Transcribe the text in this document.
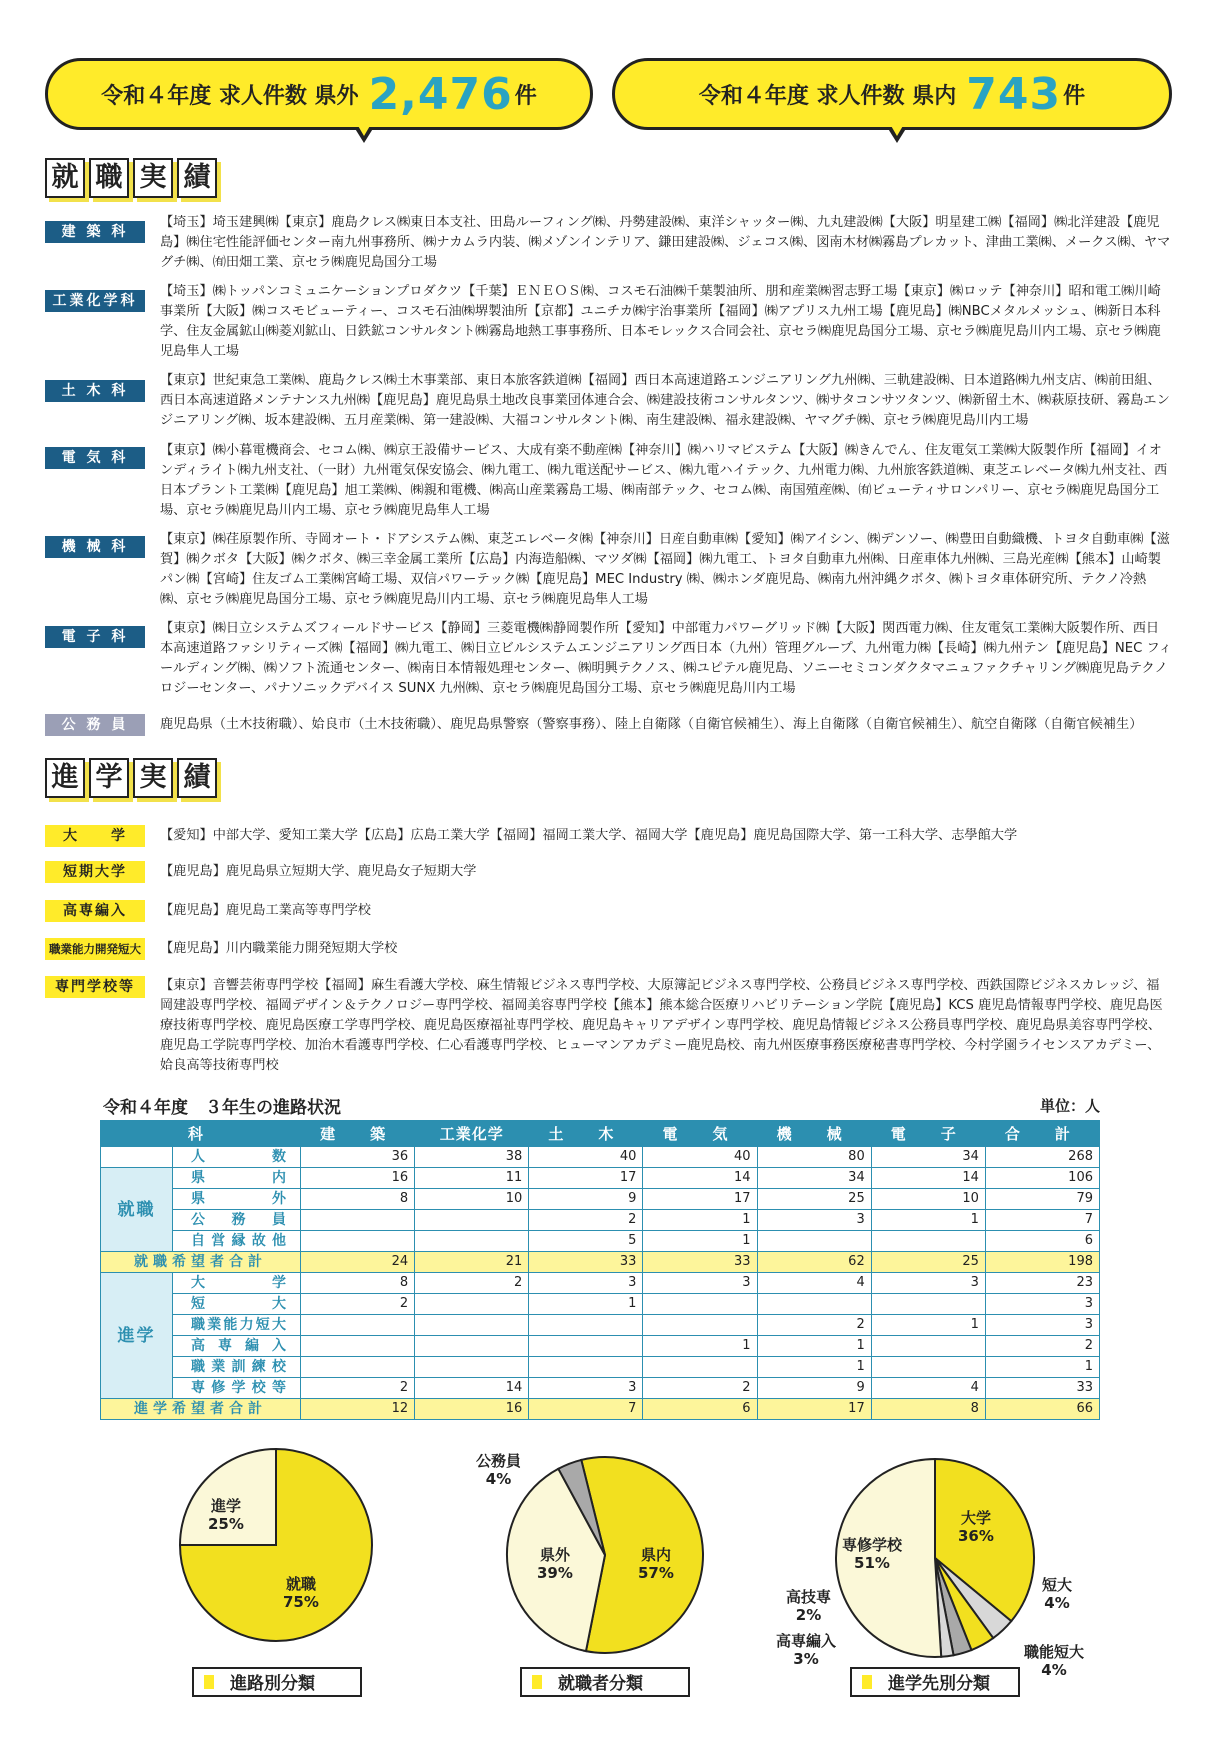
令和４年度 求人件数 県外 2,476 件	令和４年度 求人件数 県内 743 件
就 職 実 績
建 築 科
【埼玉】埼玉建興㈱【東京】鹿島クレス㈱東日本支社、田島ルーフィング㈱、丹勢建設㈱、東洋シャッター㈱、九丸建設㈱【大阪】明星建工㈱【福岡】㈱北洋建設【鹿児島】㈱住宅性能評価センター南九州事務所、㈱ナカムラ内装、㈱メゾンインテリア、鎌田建設㈱、ジェコス㈱、図南木材㈱霧島プレカット、津曲工業㈱、メークス㈱、ヤマグチ㈱、㈲田畑工業、京セラ㈱鹿児島国分工場
工業化学科
【埼玉】㈱トッパンコミュニケーションプロダクツ【千葉】ＥＮＥＯＳ㈱、コスモ石油㈱千葉製油所、朋和産業㈱習志野工場【東京】㈱ロッテ【神奈川】昭和電工㈱川崎事業所【大阪】㈱コスモビューティー、コスモ石油㈱堺製油所【京都】ユニチカ㈱宇治事業所【福岡】㈱アプリス九州工場【鹿児島】㈱NBCメタルメッシュ、㈱新日本科学、住友金属鉱山㈱菱刈鉱山、日鉄鉱コンサルタント㈱霧島地熱工事事務所、日本モレックス合同会社、京セラ㈱鹿児島国分工場、京セラ㈱鹿児島川内工場、京セラ㈱鹿児島隼人工場
土 木 科
【東京】世紀東急工業㈱、鹿島クレス㈱土木事業部、東日本旅客鉄道㈱【福岡】西日本高速道路エンジニアリング九州㈱、三軌建設㈱、日本道路㈱九州支店、㈱前田組、西日本高速道路メンテナンス九州㈱【鹿児島】鹿児島県土地改良事業団体連合会、㈱建設技術コンサルタンツ、㈱サタコンサツタンツ、㈱新留土木、㈱萩原技研、霧島エンジニアリング㈱、坂本建設㈱、五月産業㈱、第一建設㈱、大福コンサルタント㈱、南生建設㈱、福永建設㈱、ヤマグチ㈱、京セラ㈱鹿児島川内工場
電 気 科	【東京】㈱小暮電機商会、セコム㈱、㈱京王設備サービス、大成有楽不動産㈱【神奈川】㈱ハリマビステム【大阪】㈱きんでん、住友電気工業㈱大阪製作所【福岡】イオンディライト㈱九州支社、（一財）九州電気保安協会、㈱九電工、㈱九電送配サービス、㈱九電ハイテック、九州電力㈱、九州旅客鉄道㈱、東芝エレベータ㈱九州支社、西日本プラント工業㈱【鹿児島】旭工業㈱、㈱親和電機、㈱高山産業霧島工場、㈱南部テック、セコム㈱、南国殖産㈱、㈲ビューティサロンパリー、京セラ㈱鹿児島国分工場、京セラ㈱鹿児島川内工場、京セラ㈱鹿児島隼人工場
機 械 科	【東京】㈱荏原製作所、寺岡オート・ドアシステム㈱、東芝エレベータ㈱【神奈川】日産自動車㈱【愛知】㈱アイシン、㈱デンソー、㈱豊田自動織機、トヨタ自動車㈱【滋賀】㈱クボタ【大阪】㈱クボタ、㈱三幸金属工業所【広島】内海造船㈱、マツダ㈱【福岡】㈱九電工、トヨタ自動車九州㈱、日産車体九州㈱、三島光産㈱【熊本】山崎製パン㈱【宮崎】住友ゴム工業㈱宮崎工場、双信パワーテック㈱【鹿児島】MEC Industry ㈱、㈱ホンダ鹿児島、㈱南九州沖縄クボタ、㈱トヨタ車体研究所、テクノ冷熱㈱、京セラ㈱鹿児島国分工場、京セラ㈱鹿児島川内工場、京セラ㈱鹿児島隼人工場
電 子 科
【東京】㈱日立システムズフィールドサービス【静岡】三菱電機㈱静岡製作所【愛知】中部電力パワーグリッド㈱【大阪】関西電力㈱、住友電気工業㈱大阪製作所、西日本高速道路ファシリティーズ㈱【福岡】㈱九電工、㈱日立ビルシステムエンジニアリング西日本（九州）管理グループ、九州電力㈱【長崎】㈱九州テン【鹿児島】NEC フィールディング㈱、㈱ソフト流通センター、㈱南日本情報処理センター、㈱明興テクノス、㈱ユピテル鹿児島、ソニーセミコンダクタマニュファクチャリング㈱鹿児島テクノロジーセンター、パナソニックデバイス SUNX 九州㈱、京セラ㈱鹿児島国分工場、京セラ㈱鹿児島川内工場
公 務 員	鹿児島県（土木技術職）、姶良市（土木技術職）、鹿児島県警察（警察事務）、陸上自衛隊（自衛官候補生）、海上自衛隊（自衛官候補生）、航空自衛隊（自衛官候補生）
進 学 実 績
大　　学	【愛知】中部大学、愛知工業大学【広島】広島工業大学【福岡】福岡工業大学、福岡大学【鹿児島】鹿児島国際大学、第一工科大学、志學館大学
短期大学	【鹿児島】鹿児島県立短期大学、鹿児島女子短期大学
高専編入	【鹿児島】鹿児島工業高等専門学校
職業能力開発短大	【鹿児島】川内職業能力開発短期大学校
専門学校等	【東京】音響芸術専門学校【福岡】麻生看護大学校、麻生情報ビジネス専門学校、大原簿記ビジネス専門学校、公務員ビジネス専門学校、西鉄国際ビジネスカレッジ、福岡建設専門学校、福岡デザイン＆テクノロジー専門学校、福岡美容専門学校【熊本】熊本総合医療リハビリテーション学院【鹿児島】KCS 鹿児島情報専門学校、鹿児島医療技術専門学校、鹿児島医療工学専門学校、鹿児島医療福祉専門学校、鹿児島キャリアデザイン専門学校、鹿児島情報ビジネス公務員専門学校、鹿児島県美容専門学校、鹿児島工学院専門学校、加治木看護専門学校、仁心看護専門学校、ヒューマンアカデミー鹿児島校、南九州医療事務医療秘書専門学校、今村学園ライセンスアカデミー、姶良高等技術専門校
令和４年度　３年生の進路状況	単位：人
科		建　築	工業化学	土　木	電　気	機　械	電　子	合　計
	人　　数	36	38	40	40	80	34	268
就職	県　　内	16	11	17	14	34	14	106
	県　　外	8	10	9	17	25	10	79
	公　務　員			2	1	3	1	7
	自営縁故他			5	1			6
就職希望者合計		24	21	33	33	62	25	198
進学	大　　学	8	2	3	3	4	3	23
	短　　大	2		1				3
	職業能力短大					2	1	3
	高専編入				1	1		2
	職業訓練校					1		1
	専修学校等	2	14	3	2	9	4	33
進学希望者合計		12	16	7	6	17	8	66
進学
25%
就職
75%
進路別分類
県内
57%
県外
39%
公務員
4%
就職者分類
大学
36%
専修学校
51%
短大
4%
職能短大
4%
高技専
2%
高専編入
3%
進学先別分類
